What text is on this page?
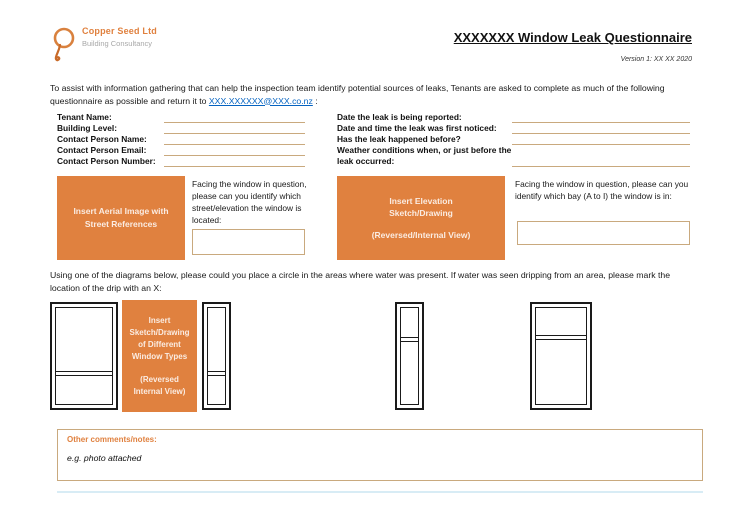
Copper Seed Ltd
Building Consultancy	XXXXXXX Window Leak Questionnaire
Version 1: XX XX 2020
To assist with information gathering that can help the inspection team identify potential sources of leaks, Tenants are asked to complete as much of the following questionnaire as possible and return it to XXX.XXXXXX@XXX.co.nz :
Tenant Name:
Building Level:
Contact Person Name:
Contact Person Email:
Contact Person Number:
Date the leak is being reported:
Date and time the leak was first noticed:
Has the leak happened before?
Weather conditions when, or just before the leak occurred:
Insert Aerial Image with Street References
Facing the window in question, please can you identify which street/elevation the window is located:
Insert Elevation Sketch/Drawing
(Reversed/Internal View)
Facing the window in question, please can you identify which bay (A to I) the window is in:
Using one of the diagrams below, please could you place a circle in the areas where water was present. If water was seen dripping from an area, please mark the location of the drip with an X:
Insert Sketch/Drawing of Different Window Types
(Reversed Internal View)
Other comments/notes:
e.g. photo attached
